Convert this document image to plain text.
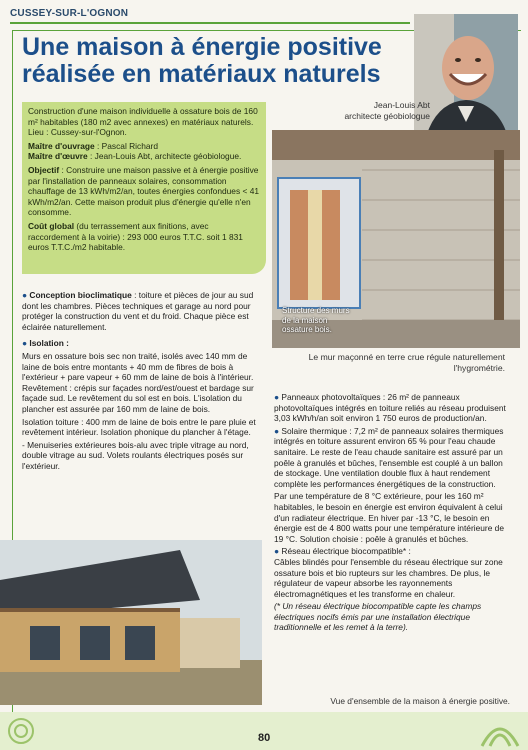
CUSSEY-SUR-L'OGNON
Une maison à énergie positive réalisée en matériaux naturels
Jean-Louis Abt
architecte géobiologue

Construction d'une maison individuelle à ossature bois de 160 m² habitables (180 m2 avec annexes) en matériaux naturels. Lieu : Cussey-sur-l'Ognon.

Maître d'ouvrage : Pascal Richard

Maître d'œuvre : Jean-Louis Abt, architecte géobiologue.

Objectif : Construire une maison passive et à énergie positive par l'installation de panneaux solaires, consommation chauffage de 13 kWh/m2/an, toutes énergies confondues < 41 kWh/m2/an. Cette maison produit plus d'énergie qu'elle n'en consomme.

Coût global (du terrassement aux finitions, avec raccordement à la voirie) : 293 000 euros T.T.C. soit 1 831 euros T.T.C./m2 habitable.

Structure des murs de la maison ossature bois.
Le mur maçonné en terre crue régule naturellement l'hygrométrie.

● Conception bioclimatique : toiture et pièces de jour au sud dont les chambres. Pièces techniques et garage au nord pour protéger la construction du vent et du froid. Chaque pièce est éclairée naturellement.

● Isolation :

Murs en ossature bois sec non traité, isolés avec 140 mm de laine de bois entre montants + 40 mm de fibres de bois à l'extérieur + pare vapeur + 60 mm de laine de bois à l'intérieur. Revêtement : crépis sur façades nord/est/ouest et bardage sur façade sud. Le revêtement du sol est en bois. L'isolation du plancher est assurée par 160 mm de laine de bois.

Isolation toiture : 400 mm de laine de bois entre le pare pluie et revêtement intérieur. Isolation phonique du plancher à l'étage.

- Menuiseries extérieures bois-alu avec triple vitrage au nord, double vitrage au sud. Volets roulants électriques posés sur l'extérieur.

● Panneaux photovoltaïques : 26 m² de panneaux photovoltaïques intégrés en toiture reliés au réseau produisent 3,03 kWh/h/an soit environ 1 750 euros de production/an.

● Solaire thermique : 7,2 m² de panneaux solaires thermiques intégrés en toiture assurent environ 65 % pour l'eau chaude sanitaire. Le reste de l'eau chaude sanitaire est assuré par un poêle à granulés et bûches, l'ensemble est couplé à un ballon de stockage. Une ventilation double flux à haut rendement complète les performances énergétiques de la construction.

Par une température de 8 °C extérieure, pour les 160 m² habitables, le besoin en énergie est environ équivalent à celui d'un radiateur électrique. En hiver par -13 °C, le besoin en énergie est de 4 800 watts pour une température intérieure de 19 °C. Solution choisie : poêle à granulés et bûches.

● Réseau électrique biocompatible* :

Câbles blindés pour l'ensemble du réseau électrique sur zone ossature bois et bio rupteurs sur les chambres. De plus, le régulateur de vapeur absorbe les rayonnements électromagnétiques et les transforme en chaleur.

(* Un réseau électrique biocompatible capte les champs électriques nocifs émis par une installation électrique traditionnelle et les remet à la terre).

Vue d'ensemble de la maison à énergie positive.
80
